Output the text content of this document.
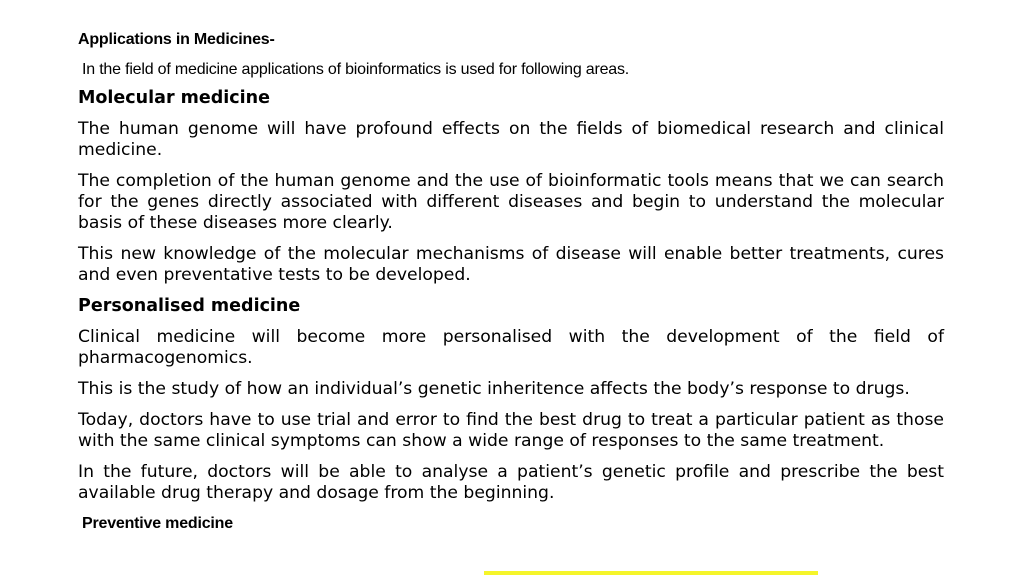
Applications in Medicines-
In the field of medicine applications of bioinformatics is used for following areas.
Molecular medicine

The human genome will have profound effects on the fields of biomedical research and clinical medicine.

The completion of the human genome and the use of bioinformatic tools means that we can search for the genes directly associated with different diseases and begin to understand the molecular basis of these diseases more clearly.

This new knowledge of the molecular mechanisms of disease will enable better treatments, cures and even preventative tests to be developed.

Personalised medicine

Clinical medicine will become more personalised with the development of the field of pharmacogenomics.

This is the study of how an individual’s genetic inheritence affects the body’s response to drugs.

Today, doctors have to use trial and error to find the best drug to treat a particular patient as those with the same clinical symptoms can show a wide range of responses to the same treatment.

In the future, doctors will be able to analyse a patient’s genetic profile and prescribe the best available drug therapy and dosage from the beginning.

Preventive medicine
